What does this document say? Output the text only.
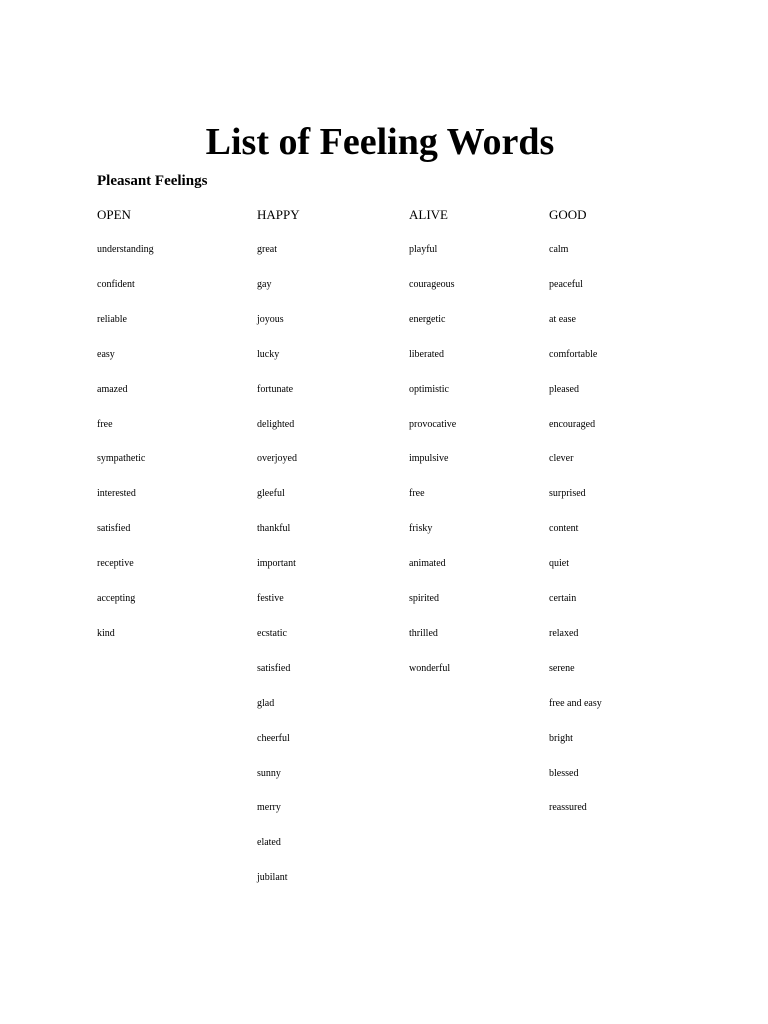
List of Feeling Words
Pleasant Feelings
OPEN
understanding
confident
reliable
easy
amazed
free
sympathetic
interested
satisfied
receptive
accepting
kind
HAPPY
great
gay
joyous
lucky
fortunate
delighted
overjoyed
gleeful
thankful
important
festive
ecstatic
satisfied
glad
cheerful
sunny
merry
elated
jubilant
ALIVE
playful
courageous
energetic
liberated
optimistic
provocative
impulsive
free
frisky
animated
spirited
thrilled
wonderful
GOOD
calm
peaceful
at ease
comfortable
pleased
encouraged
clever
surprised
content
quiet
certain
relaxed
serene
free and easy
bright
blessed
reassured
